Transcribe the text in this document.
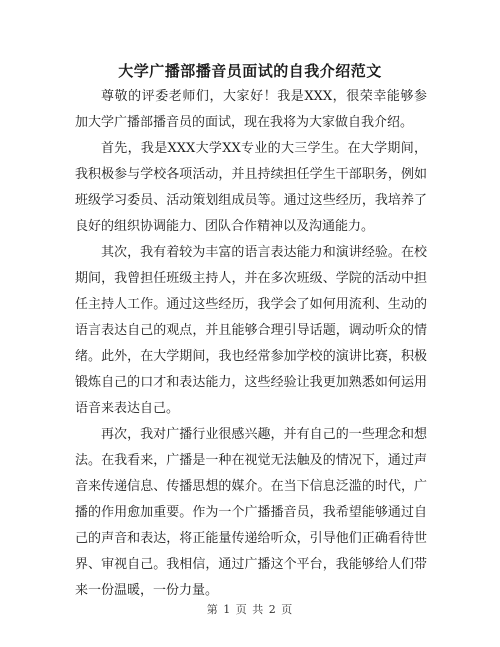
大学广播部播音员面试的自我介绍范文

尊敬的评委老师们，大家好！我是XXX，很荣幸能够参加大学广播部播音员的面试，现在我将为大家做自我介绍。

首先，我是XXX大学XX专业的大三学生。在大学期间，我积极参与学校各项活动，并且持续担任学生干部职务，例如班级学习委员、活动策划组成员等。通过这些经历，我培养了良好的组织协调能力、团队合作精神以及沟通能力。

其次，我有着较为丰富的语言表达能力和演讲经验。在校期间，我曾担任班级主持人，并在多次班级、学院的活动中担任主持人工作。通过这些经历，我学会了如何用流利、生动的语言表达自己的观点，并且能够合理引导话题，调动听众的情绪。此外，在大学期间，我也经常参加学校的演讲比赛，积极锻炼自己的口才和表达能力，这些经验让我更加熟悉如何运用语音来表达自己。

再次，我对广播行业很感兴趣，并有自己的一些理念和想法。在我看来，广播是一种在视觉无法触及的情况下，通过声音来传递信息、传播思想的媒介。在当下信息泛滥的时代，广播的作用愈加重要。作为一个广播播音员，我希望能够通过自己的声音和表达，将正能量传递给听众，引导他们正确看待世界、审视自己。我相信，通过广播这个平台，我能够给人们带来一份温暖，一份力量。

第 1 页 共 2 页
